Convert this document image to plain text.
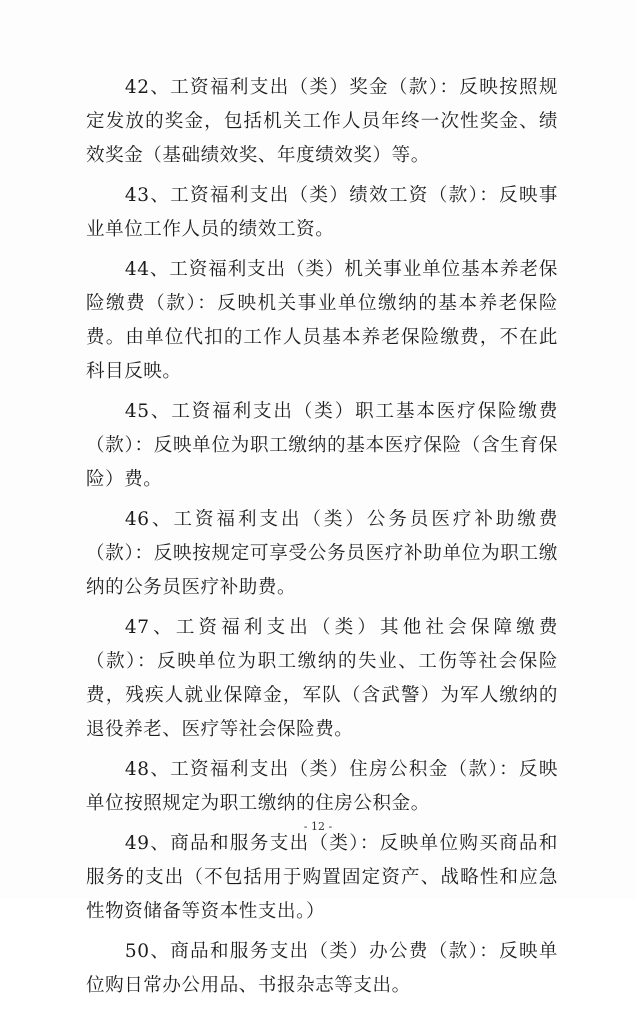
42、工资福利支出（类）奖金（款）：反映按照规定发放的奖金，包括机关工作人员年终一次性奖金、绩效奖金（基础绩效奖、年度绩效奖）等。

43、工资福利支出（类）绩效工资（款）：反映事业单位工作人员的绩效工资。

44、工资福利支出（类）机关事业单位基本养老保险缴费（款）：反映机关事业单位缴纳的基本养老保险费。由单位代扣的工作人员基本养老保险缴费，不在此科目反映。

45、工资福利支出（类）职工基本医疗保险缴费（款）：反映单位为职工缴纳的基本医疗保险（含生育保险）费。

46、工资福利支出（类）公务员医疗补助缴费（款）：反映按规定可享受公务员医疗补助单位为职工缴纳的公务员医疗补助费。

47、工资福利支出（类）其他社会保障缴费（款）：反映单位为职工缴纳的失业、工伤等社会保险费，残疾人就业保障金，军队（含武警）为军人缴纳的退役养老、医疗等社会保险费。

48、工资福利支出（类）住房公积金（款）：反映单位按照规定为职工缴纳的住房公积金。

49、商品和服务支出（类）：反映单位购买商品和服务的支出（不包括用于购置固定资产、战略性和应急性物资储备等资本性支出。）

50、商品和服务支出（类）办公费（款）：反映单位购日常办公用品、书报杂志等支出。

- 12 -
